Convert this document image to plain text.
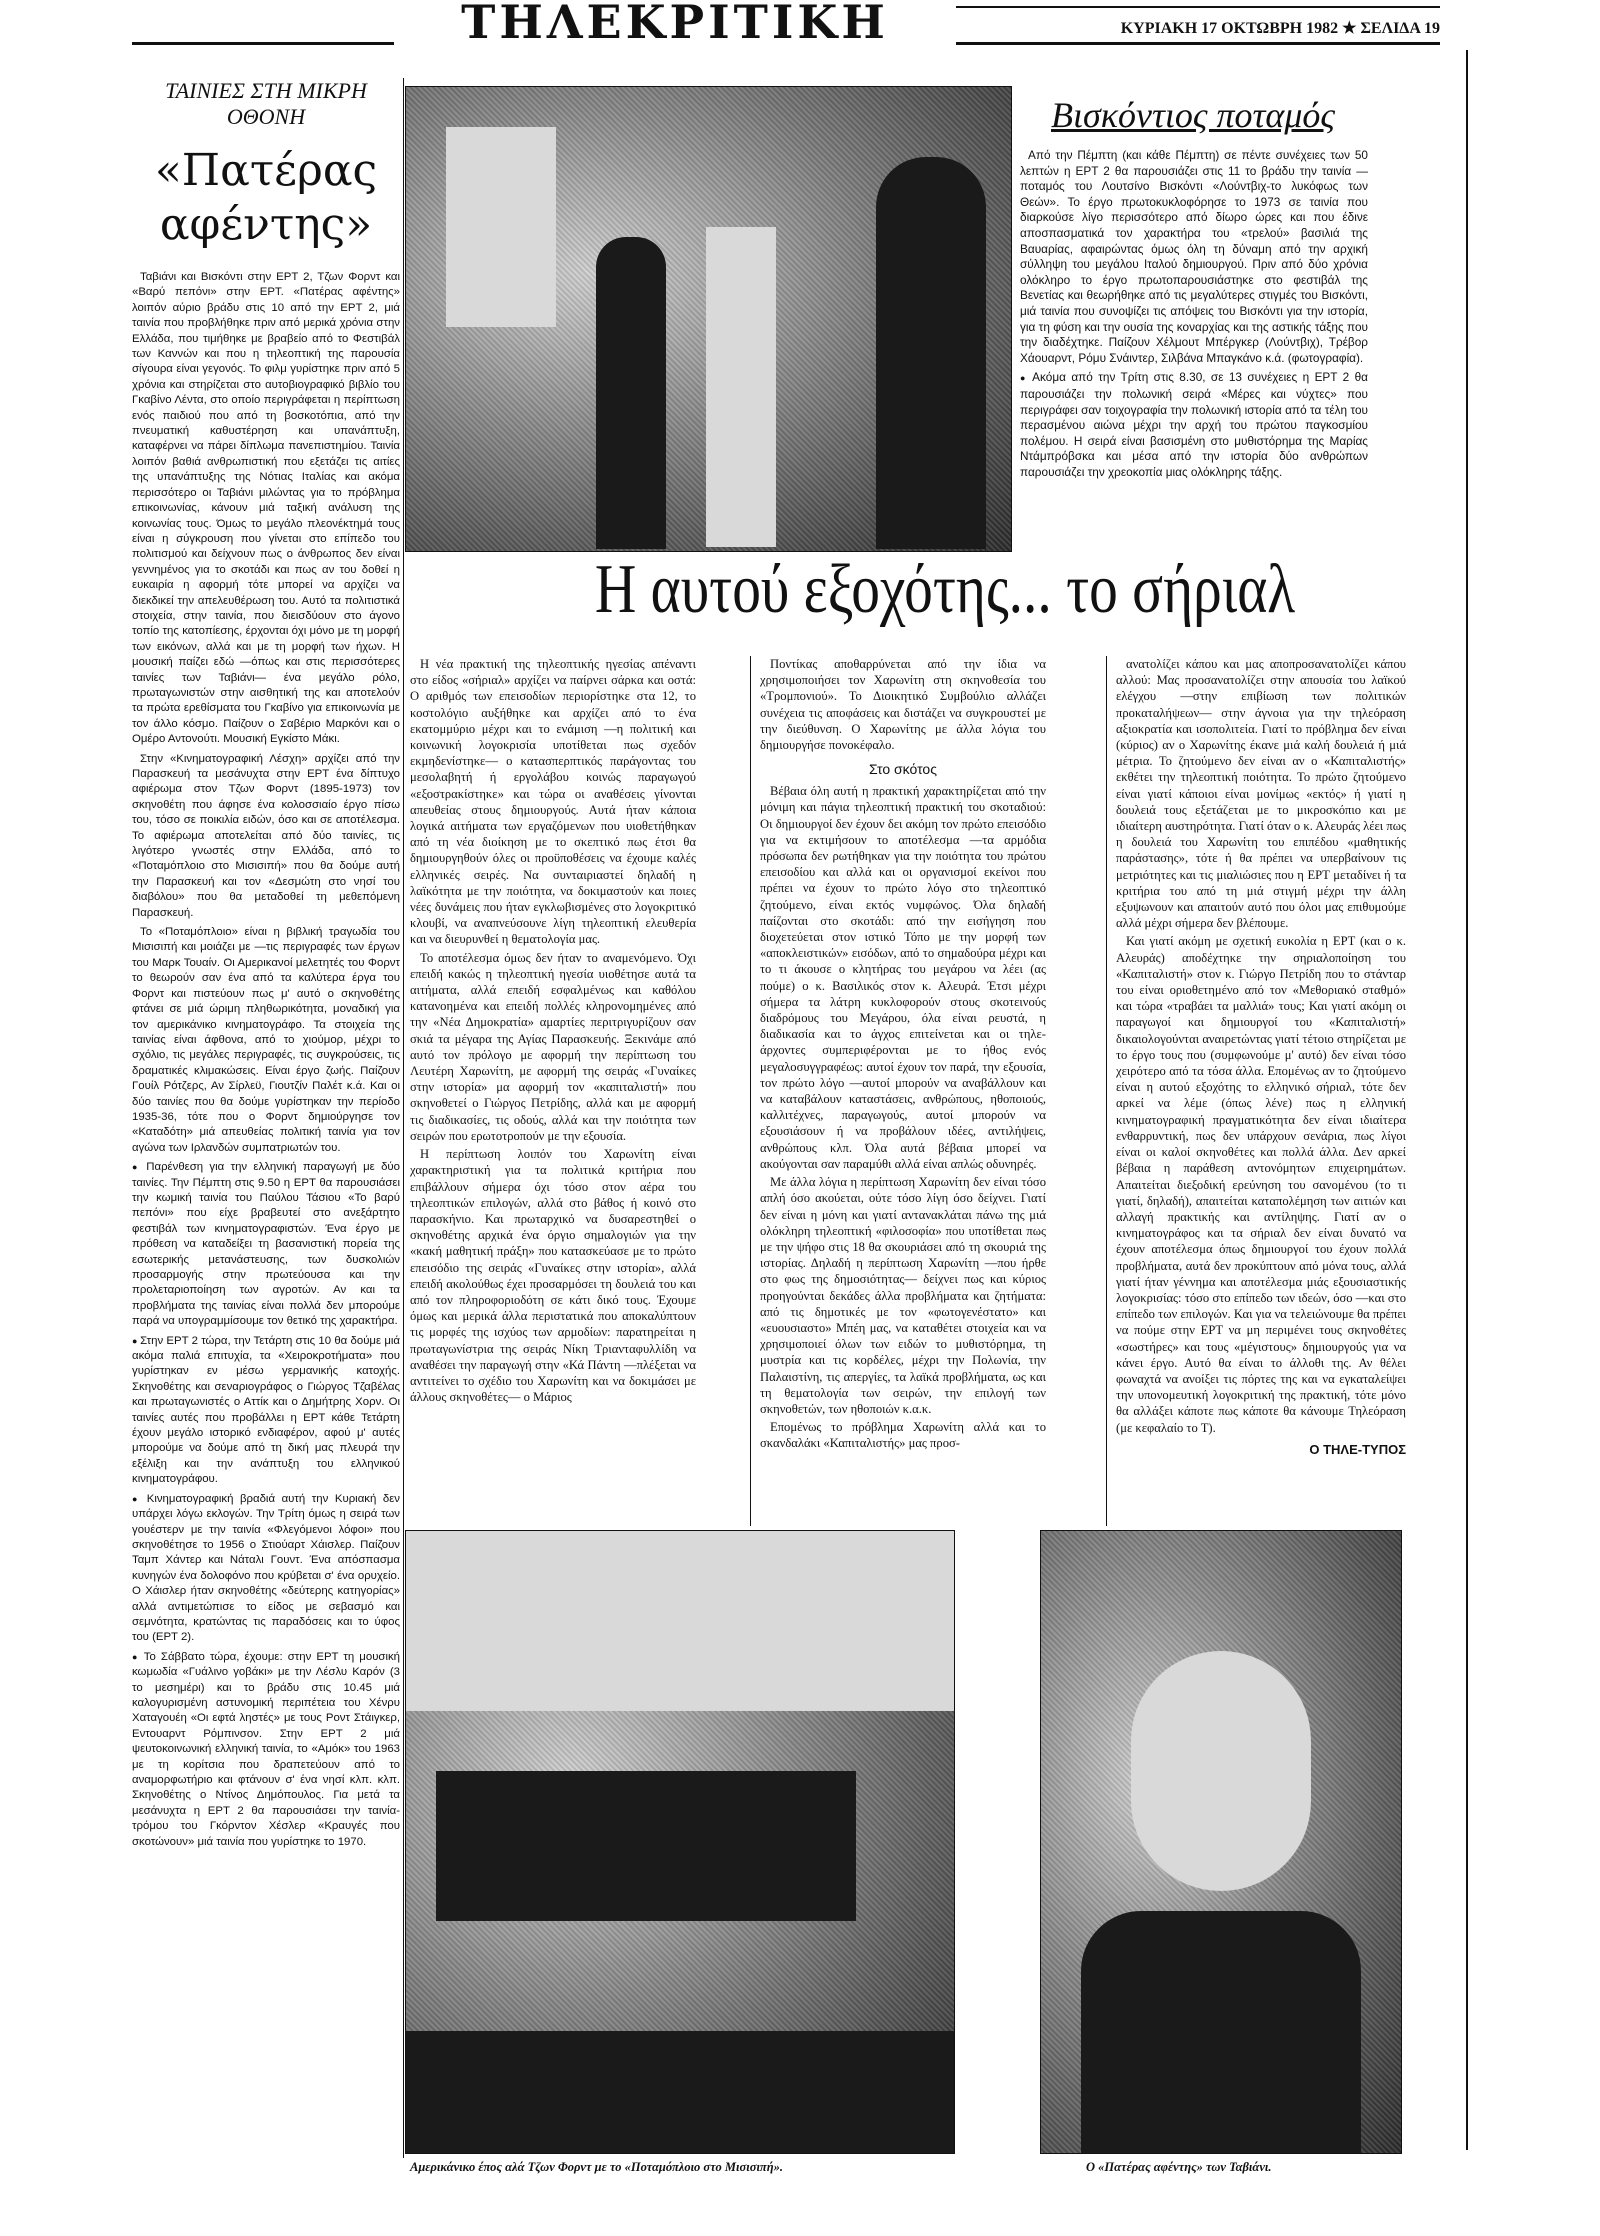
ΤΗΛΕΚΡΙΤΙΚΗ	ΚΥΡΙΑΚΗ 17 ΟΚΤΩΒΡΗ 1982 ★ ΣΕΛΙΔΑ 19
ΤΑΙΝΙΕΣ ΣΤΗ ΜΙΚΡΗ ΟΘΟΝΗ
«Πατέρας αφέντης»

Ταβιάνι και Βισκόντι στην ΕΡΤ 2, Τζων Φορντ και «Βαρύ πεπόνι» στην ΕΡΤ. «Πατέρας αφέντης» λοιπόν αύριο βράδυ στις 10 από την ΕΡΤ 2, μιά ταινία που προβλήθηκε πριν από μερικά χρόνια στην Ελλάδα, που τιμήθηκε με βραβείο από το Φεστιβάλ των Καννών και που η τηλεοπτική της παρουσία σίγουρα είναι γεγονός. Το φιλμ γυρίστηκε πριν από 5 χρόνια και στηρίζεται στο αυτοβιογραφικό βιβλίο του Γκαβίνο Λέντα, στο οποίο περιγράφεται η περίπτωση ενός παιδιού που από τη βοσκοτόπια, από την πνευματική καθυστέρηση και υπανάπτυξη, καταφέρνει να πάρει δίπλωμα πανεπιστημίου. Ταινία λοιπόν βαθιά ανθρωπιστική που εξετάζει τις αιτίες της υπανάπτυξης της Νότιας Ιταλίας και ακόμα περισσότερο οι Ταβιάνι μιλώντας για το πρόβλημα επικοινωνίας, κάνουν μιά ταξική ανάλυση της κοινωνίας τους. Όμως το μεγάλο πλεονέκτημά τους είναι η σύγκρουση που γίνεται στο επίπεδο του πολιτισμού και δείχνουν πως ο άνθρωπος δεν είναι γεννημένος για το σκοτάδι και πως αν του δοθεί η ευκαιρία η αφορμή τότε μπορεί να αρχίζει να διεκδικεί την απελευθέρωση του. Αυτό τα πολιτιστικά στοιχεία, στην ταινία, που διεισδύουν στο άγονο τοπίο της κατοπίεσης, έρχονται όχι μόνο με τη μορφή των εικόνων, αλλά και με τη μορφή των ήχων. Η μουσική παίζει εδώ —όπως και στις περισσότερες ταινίες των Ταβιάνι— ένα μεγάλο ρόλο, πρωταγωνιστών στην αισθητική της και αποτελούν τα πρώτα ερεθίσματα του Γκαβίνο για επικοινωνία με τον άλλο κόσμο. Παίζουν ο Σαβέριο Μαρκόνι και ο Ομέρο Αντονούτι. Μουσική Εγκίστο Μάκι.

Στην «Κινηματογραφική Λέσχη» αρχίζει από την Παρασκευή τα μεσάνυχτα στην ΕΡΤ ένα δίπτυχο αφιέρωμα στον Τζων Φορντ (1895-1973) τον σκηνοθέτη που άφησε ένα κολοσσιαίο έργο πίσω του, τόσο σε ποικιλία ειδών, όσο και σε αποτέλεσμα. Το αφιέρωμα αποτελείται από δύο ταινίες, τις λιγότερο γνωστές στην Ελλάδα, από το «Ποταμόπλοιο στο Μισισιπή» που θα δούμε αυτή την Παρασκευή και τον «Δεσμώτη στο νησί του διαβόλου» που θα μεταδοθεί τη μεθεπόμενη Παρασκευή.

Το «Ποταμόπλοιο» είναι η βιβλική τραγωδία του Μισισιπή και μοιάζει με —τις περιγραφές των έργων του Μαρκ Τουαίν. Οι Αμερικανοί μελετητές του Φορντ το θεωρούν σαν ένα από τα καλύτερα έργα του Φορντ και πιστεύουν πως μ' αυτό ο σκηνοθέτης φτάνει σε μιά ώριμη πληθωρικότητα, μοναδική για τον αμερικάνικο κινηματογράφο. Τα στοιχεία της ταινίας είναι άφθονα, από το χιούμορ, μέχρι το σχόλιο, τις μεγάλες περιγραφές, τις συγκρούσεις, τις δραματικές κλιμακώσεις. Είναι έργο ζωής. Παίζουν Γουίλ Ρότζερς, Αν Σίρλεϋ, Γιουτζίν Παλέτ κ.ά. Και οι δύο ταινίες που θα δούμε γυρίστηκαν την περίοδο 1935-36, τότε που ο Φορντ δημιούργησε τον «Καταδότη» μιά απευθείας πολιτική ταινία για τον αγώνα των Ιρλανδών συμπατριωτών του.

● Παρένθεση για την ελληνική παραγωγή με δύο ταινίες. Την Πέμπτη στις 9.50 η ΕΡΤ θα παρουσιάσει την κωμική ταινία του Παύλου Τάσιου «Το βαρύ πεπόνι» που είχε βραβευτεί στο ανεξάρτητο φεστιβάλ των κινηματογραφιστών. Ένα έργο με πρόθεση να καταδείξει τη βασανιστική πορεία της εσωτερικής μετανάστευσης, των δυσκολιών προσαρμογής στην πρωτεύουσα και την προλεταριοποίηση των αγροτών. Αν και τα προβλήματα της ταινίας είναι πολλά δεν μπορούμε παρά να υπογραμμίσουμε τον θετικό της χαρακτήρα.

● Στην ΕΡΤ 2 τώρα, την Τετάρτη στις 10 θα δούμε μιά ακόμα παλιά επιτυχία, τα «Χειροκροτήματα» που γυρίστηκαν εν μέσω γερμανικής κατοχής. Σκηνοθέτης και σεναριογράφος ο Γιώργος Τζαβέλας και πρωταγωνιστές ο Αττίκ και ο Δημήτρης Χορν. Οι ταινίες αυτές που προβάλλει η ΕΡΤ κάθε Τετάρτη έχουν μεγάλο ιστορικό ενδιαφέρον, αφού μ' αυτές μπορούμε να δούμε από τη δική μας πλευρά την εξέλιξη και την ανάπτυξη του ελληνικού κινηματογράφου.

● Κινηματογραφική βραδιά αυτή την Κυριακή δεν υπάρχει λόγω εκλογών. Την Τρίτη όμως η σειρά των γουέστερν με την ταινία «Φλεγόμενοι λόφοι» που σκηνοθέτησε το 1956 ο Στιούαρτ Χάισλερ. Παίζουν Ταμπ Χάντερ και Νάταλι Γουντ. Ένα απόσπασμα κυνηγών ένα δολοφόνο που κρύβεται σ' ένα ορυχείο. Ο Χάισλερ ήταν σκηνοθέτης «δεύτερης κατηγορίας» αλλά αντιμετώπισε το είδος με σεβασμό και σεμνότητα, κρατώντας τις παραδόσεις και το ύφος του (ΕΡΤ 2).

● Το Σάββατο τώρα, έχουμε: στην ΕΡΤ τη μουσική κωμωδία «Γυάλινο γοβάκι» με την Λέσλυ Καρόν (3 το μεσημέρι) και το βράδυ στις 10.45 μιά καλογυρισμένη αστυνομική περιπέτεια του Χένρυ Χαταγουέη «Οι εφτά ληστές» με τους Ροντ Στάιγκερ, Εντουαρντ Ρόμπινσον. Στην ΕΡΤ 2 μιά ψευτοκοινωνική ελληνική ταινία, το «Αμόκ» του 1963 με τη κορίτσια που δραπετεύουν από το αναμορφωτήριο και φτάνουν σ' ένα νησί κλπ. κλπ. Σκηνοθέτης ο Ντίνος Δημόπουλος. Για μετά τα μεσάνυχτα η ΕΡΤ 2 θα παρουσιάσει την ταινία-τρόμου του Γκόρντον Χέσλερ «Κραυγές που σκοτώνουν» μιά ταινία που γυρίστηκε το 1970.

Βισκόντιος ποταμός

Από την Πέμπτη (και κάθε Πέμπτη) σε πέντε συνέχειες των 50 λεπτών η ΕΡΤ 2 θα παρουσιάζει στις 11 το βράδυ την ταινία —ποταμός του Λουτσίνο Βισκόντι «Λούντβιχ-το λυκόφως των Θεών». Το έργο πρωτοκυκλοφόρησε το 1973 σε ταινία που διαρκούσε λίγο περισσότερο από δίωρο ώρες και που έδινε αποσπασματικά τον χαρακτήρα του «τρελού» βασιλιά της Βαυαρίας, αφαιρώντας όμως όλη τη δύναμη από την αρχική σύλληψη του μεγάλου Ιταλού δημιουργού. Πριν από δύο χρόνια ολόκληρο το έργο πρωτοπαρουσιάστηκε στο φεστιβάλ της Βενετίας και θεωρήθηκε από τις μεγαλύτερες στιγμές του Βισκόντι, μιά ταινία που συνοψίζει τις απόψεις του Βισκόντι για την ιστορία, για τη φύση και την ουσία της κοναρχίας και της αστικής τάξης που την διαδέχτηκε. Παίζουν Χέλμουτ Μπέργκερ (Λούντβιχ), Τρέβορ Χάουαρντ, Ρόμυ Σνάιντερ, Σιλβάνα Μπαγκάνο κ.ά. (φωτογραφία).

● Ακόμα από την Τρίτη στις 8.30, σε 13 συνέχειες η ΕΡΤ 2 θα παρουσιάζει την πολωνική σειρά «Μέρες και νύχτες» που περιγράφει σαν τοιχογραφία την πολωνική ιστορία από τα τέλη του περασμένου αιώνα μέχρι την αρχή του πρώτου παγκοσμίου πολέμου. Η σειρά είναι βασισμένη στο μυθιστόρημα της Μαρίας Ντάμπρόβσκα και μέσα από την ιστορία δύο ανθρώπων παρουσιάζει την χρεοκοπία μιας ολόκληρης τάξης.

Η αυτού εξοχότης... το σήριαλ

Η νέα πρακτική της τηλεοπτικής ηγεσίας απέναντι στο είδος «σήριαλ» αρχίζει να παίρνει σάρκα και οστά: Ο αριθμός των επεισοδίων περιορίστηκε στα 12, το κοστολόγιο αυξήθηκε και αρχίζει από το ένα εκατομμύριο μέχρι και το ενάμιση —η πολιτική και κοινωνική λογοκρισία υποτίθεται πως σχεδόν εκμηδενίστηκε— ο κατασπερπτικός παράγοντας του μεσολαβητή ή εργολάβου κοινώς παραγωγού «εξοστρακίστηκε» και τώρα οι αναθέσεις γίνονται απευθείας στους δημιουργούς. Αυτά ήταν κάποια λογικά αιτήματα των εργαζόμενων που υιοθετήθηκαν από τη νέα διοίκηση με το σκεπτικό πως έτσι θα δημιουργηθούν όλες οι προϋποθέσεις να έχουμε καλές ελληνικές σειρές. Να συνταιριαστεί δηλαδή η λαϊκότητα με την ποιότητα, να δοκιμαστούν και ποιες νέες δυνάμεις που ήταν εγκλωβισμένες στο λογοκριτικό κλουβί, να αναπνεύσουνε λίγη τηλεοπτική ελευθερία και να διευρυνθεί η θεματολογία μας.

Το αποτέλεσμα όμως δεν ήταν το αναμενόμενο. Όχι επειδή κακώς η τηλεοπτική ηγεσία υιοθέτησε αυτά τα αιτήματα, αλλά επειδή εσφαλμένως και καθόλου κατανοημένα και επειδή πολλές κληρονομημένες από την «Νέα Δημοκρατία» αμαρτίες περιτριγυρίζουν σαν σκιά τα μέγαρα της Αγίας Παρασκευής. Ξεκινάμε από αυτό τον πρόλογο με αφορμή την περίπτωση του Λευτέρη Χαρωνίτη, με αφορμή της σειράς «Γυναίκες στην ιστορία» μα αφορμή τον «καπιταλιστή» που σκηνοθετεί ο Γιώργος Πετρίδης, αλλά και με αφορμή τις διαδικασίες, τις οδούς, αλλά και την ποιότητα των σειρών που ερωτοτροπούν με την εξουσία.

Η περίπτωση λοιπόν του Χαρωνίτη είναι χαρακτηριστική για τα πολιτικά κριτήρια που επιβάλλουν σήμερα όχι τόσο στον αέρα του τηλεοπτικών επιλογών, αλλά στο βάθος ή κοινό στο παρασκήνιο. Και πρωταρχικό να δυσαρεστηθεί ο σκηνοθέτης αρχικά ένα όργιο σημαλογιών για την «κακή μαθητική πράξη» που κατασκεύασε με το πρώτο επεισόδιο της σειράς «Γυναίκες στην ιστορία», αλλά επειδή ακολούθως έχει προσαρμόσει τη δουλειά του και από τον πληροφοριοδότη σε κάτι δικό τους. Έχουμε όμως και μερικά άλλα περιστατικά που αποκαλύπτουν τις μορφές της ισχύος των αρμοδίων: παρατηρείται η πρωταγωνίστρια της σειράς Νίκη Τριανταφυλλίδη να αναθέσει την παραγωγή στην «Κά Πάντη —πλέξεται να αντιτείνει το σχέδιο του Χαρωνίτη και να δοκιμάσει με άλλους σκηνοθέτες— ο Μάριος

Ποντίκας αποθαρρύνεται από την ίδια να χρησιμοποιήσει τον Χαρωνίτη στη σκηνοθεσία του «Τρομπονιού». Το Διοικητικό Συμβούλιο αλλάζει συνέχεια τις αποφάσεις και διστάζει να συγκρουστεί με την διεύθυνση. Ο Χαρωνίτης με άλλα λόγια του δημιουργήσε πονοκέφαλο.

Στο σκότος

Βέβαια όλη αυτή η πρακτική χαρακτηρίζεται από την μόνιμη και πάγια τηλεοπτική πρακτική του σκοταδιού: Οι δημιουργοί δεν έχουν δει ακόμη τον πρώτο επεισόδιο για να εκτιμήσουν το αποτέλεσμα —τα αρμόδια πρόσωπα δεν ρωτήθηκαν για την ποιότητα του πρώτου επεισοδίου και αλλά και οι οργανισμοί εκείνοι που πρέπει να έχουν το πρώτο λόγο στο τηλεοπτικό ζητούμενο, είναι εκτός νυμφώνος. Όλα δηλαδή παίζονται στο σκοτάδι: από την εισήγηση που διοχετεύεται στον ιστικό Τόπο με την μορφή των «αποκλειστικών» εισόδων, από το σημαδούρα μέχρι και το τι άκουσε ο κλητήρας του μεγάρου να λέει (ας πούμε) ο κ. Βασιλικός στον κ. Αλευρά. Έτσι μέχρι σήμερα τα λάτρη κυκλοφορούν στους σκοτεινούς διαδρόμους του Μεγάρου, όλα είναι ρευστά, η διαδικασία και το άγχος επιτείνεται και οι τηλε-άρχοντες συμπεριφέρονται με το ήθος ενός μεγαλοσυγγραφέως: αυτοί έχουν τον παρά, την εξουσία, τον πρώτο λόγο —αυτοί μπορούν να αναβάλλουν και να καταβάλουν καταστάσεις, ανθρώπους, ηθοποιούς, καλλιτέχνες, παραγωγούς, αυτοί μπορούν να εξουσιάσουν ή να προβάλουν ιδέες, αντιλήψεις, ανθρώπους κλπ. Όλα αυτά βέβαια μπορεί να ακούγονται σαν παραμύθι αλλά είναι απλώς οδυνηρές.

Με άλλα λόγια η περίπτωση Χαρωνίτη δεν είναι τόσο απλή όσο ακούεται, ούτε τόσο λίγη όσο δείχνει. Γιατί δεν είναι η μόνη και γιατί αντανακλάται πάνω της μιά ολόκληρη τηλεοπτική «φιλοσοφία» που υποτίθεται πως με την ψήφο στις 18 θα σκουριάσει από τη σκουριά της ιστορίας. Δηλαδή η περίπτωση Χαρωνίτη —που ήρθε στο φως της δημοσιότητας— δείχνει πως και κύριος προηγούνται δεκάδες άλλα προβλήματα και ζητήματα: από τις δημοτικές με τον «φωτογενέστατο» και «ευουσιαστο» Μπέη μας, να καταθέτει στοιχεία και να χρησιμοποιεί όλων των ειδών το μυθιστόρημα, τη μυστρία και τις κορδέλες, μέχρι την Πολωνία, την Παλαιστίνη, τις απεργίες, τα λαϊκά προβλήματα, ως και τη θεματολογία των σειρών, την επιλογή των σκηνοθετών, των ηθοποιών κ.α.κ.

Επομένως το πρόβλημα Χαρωνίτη αλλά και το σκανδαλάκι «Καπιταλιστής» μας προσ-

ανατολίζει κάπου και μας αποπροσανατολίζει κάπου αλλού: Μας προσανατολίζει στην απουσία του λαϊκού ελέγχου —στην επιβίωση των πολιτικών προκαταλήψεων— στην άγνοια για την τηλεόραση αξιοκρατία και ισοπολιτεία. Γιατί το πρόβλημα δεν είναι (κύριος) αν ο Χαρωνίτης έκανε μιά καλή δουλειά ή μιά μέτρια. Το ζητούμενο δεν είναι αν ο «Καπιταλιστής» εκθέτει την τηλεοπτική ποιότητα. Το πρώτο ζητούμενο είναι γιατί κάποιοι είναι μονίμως «εκτός» ή γιατί η δουλειά τους εξετάζεται με το μικροσκόπιο και με ιδιαίτερη αυστηρότητα. Γιατί όταν ο κ. Αλευράς λέει πως η δουλειά του Χαρωνίτη του επιπέδου «μαθητικής παράστασης», τότε ή θα πρέπει να υπερβαίνουν τις μετριότητες και τις μιαλιώσιες που η ΕΡΤ μεταδίνει ή τα κριτήρια του από τη μιά στιγμή μέχρι την άλλη εξυψωνουν και απαιτούν αυτό που όλοι μας επιθυμούμε αλλά μέχρι σήμερα δεν βλέπουμε.

Και γιατί ακόμη με σχετική ευκολία η ΕΡΤ (και ο κ. Αλευράς) αποδέχτηκε την σηριαλοποίηση του «Καπιταλιστή» στον κ. Γιώργο Πετρίδη που το στάνταρ του είναι οριοθετημένο από τον «Μεθοριακό σταθμό» και τώρα «τραβάει τα μαλλιά» τους; Και γιατί ακόμη οι παραγωγοί και δημιουργοί του «Καπιταλιστή» δικαιολογούνται αναιρετώντας γιατί τέτοιο στηρίζεται με το έργο τους που (συμφωνούμε μ' αυτό) δεν είναι τόσο χειρότερο από τα τόσα άλλα. Επομένως αν το ζητούμενο είναι η αυτού εξοχότης το ελληνικό σήριαλ, τότε δεν αρκεί να λέμε (όπως λένε) πως η ελληνική κινηματογραφική πραγματικότητα δεν είναι ιδιαίτερα ενθαρρυντική, πως δεν υπάρχουν σενάρια, πως λίγοι είναι οι καλοί σκηνοθέτες και πολλά άλλα. Δεν αρκεί βέβαια η παράθεση αντονόμητων επιχειρημάτων. Απαιτείται διεξοδική ερεύνηση του σανομένου (το τι γιατί, δηλαδή), απαιτείται καταπολέμηση των αιτιών και αλλαγή πρακτικής και αντίληψης. Γιατί αν ο κινηματογράφος και τα σήριαλ δεν είναι δυνατό να έχουν αποτέλεσμα όπως δημιουργοί του έχουν πολλά προβλήματα, αυτά δεν προκύπτουν από μόνα τους, αλλά γιατί ήταν γέννημα και αποτέλεσμα μιάς εξουσιαστικής λογοκρισίας: τόσο στο επίπεδο των ιδεών, όσο —και στο επίπεδο των επιλογών. Και για να τελειώνουμε θα πρέπει να πούμε στην ΕΡΤ να μη περιμένει τους σκηνοθέτες «σωστήρες» και τους «μέγιστους» δημιουργούς για να κάνει έργο. Αυτό θα είναι το άλλοθι της. Αν θέλει φωναχτά να ανοίξει τις πόρτες της και να εγκαταλείψει την υπονομευτική λογοκριτική της πρακτική, τότε μόνο θα αλλάξει κάποτε πως κάποτε θα κάνουμε Τηλεόραση (με κεφαλαίο το Τ).

Ο ΤΗΛΕ-ΤΥΠΟΣ
Αμερικάνικο έπος αλά Τζων Φορντ με το «Ποταμόπλοιο στο Μισισιπή».	Ο «Πατέρας αφέντης» των Ταβιάνι.
